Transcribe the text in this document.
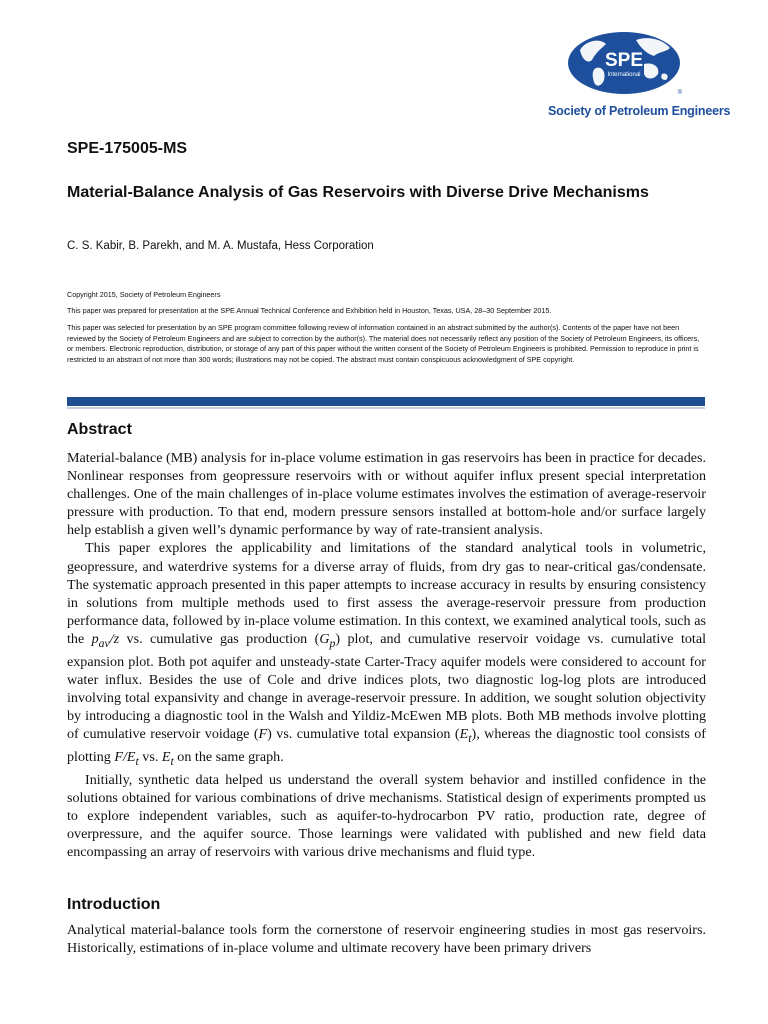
SPE
International
®
Society of Petroleum Engineers
SPE-175005-MS
Material-Balance Analysis of Gas Reservoirs with Diverse Drive Mechanisms
C. S. Kabir, B. Parekh, and M. A. Mustafa, Hess Corporation
Copyright 2015, Society of Petroleum Engineers
This paper was prepared for presentation at the SPE Annual Technical Conference and Exhibition held in Houston, Texas, USA, 28–30 September 2015.
This paper was selected for presentation by an SPE program committee following review of information contained in an abstract submitted by the author(s). Contents of the paper have not been reviewed by the Society of Petroleum Engineers and are subject to correction by the author(s). The material does not necessarily reflect any position of the Society of Petroleum Engineers, its officers, or members. Electronic reproduction, distribution, or storage of any part of this paper without the written consent of the Society of Petroleum Engineers is prohibited. Permission to reproduce in print is restricted to an abstract of not more than 300 words; illustrations may not be copied. The abstract must contain conspicuous acknowledgment of SPE copyright.
Abstract

Material-balance (MB) analysis for in-place volume estimation in gas reservoirs has been in practice for decades. Nonlinear responses from geopressure reservoirs with or without aquifer influx present special interpretation challenges. One of the main challenges of in-place volume estimates involves the estimation of average-reservoir pressure with production. To that end, modern pressure sensors installed at bottom-hole and/or surface largely help establish a given well’s dynamic performance by way of rate-transient analysis.

This paper explores the applicability and limitations of the standard analytical tools in volumetric, geopressure, and waterdrive systems for a diverse array of fluids, from dry gas to near-critical gas/condensate. The systematic approach presented in this paper attempts to increase accuracy in results by ensuring consistency in solutions from multiple methods used to first assess the average-reservoir pressure from production performance data, followed by in-place volume estimation. In this context, we examined analytical tools, such as the $p_{av}/z$ vs. cumulative gas production $(G_p)$ plot, and cumulative reservoir voidage vs. cumulative total expansion plot. Both pot aquifer and unsteady-state Carter-Tracy aquifer models were considered to account for water influx. Besides the use of Cole and drive indices plots, two diagnostic log-log plots are introduced involving total expansivity and change in average-reservoir pressure. In addition, we sought solution objectivity by introducing a diagnostic tool in the Walsh and Yildiz-McEwen MB plots. Both MB methods involve plotting of cumulative reservoir voidage (F) vs. cumulative total expansion $(E_t)$, whereas the diagnostic tool consists of plotting $F/E_t$ vs. $E_t$ on the same graph.

Initially, synthetic data helped us understand the overall system behavior and instilled confidence in the solutions obtained for various combinations of drive mechanisms. Statistical design of experiments prompted us to explore independent variables, such as aquifer-to-hydrocarbon PV ratio, production rate, degree of overpressure, and the aquifer source. Those learnings were validated with published and new field data encompassing an array of reservoirs with various drive mechanisms and fluid type.

Introduction
Analytical material-balance tools form the cornerstone of reservoir engineering studies in most gas reservoirs. Historically, estimations of in-place volume and ultimate recovery have been primary drivers
